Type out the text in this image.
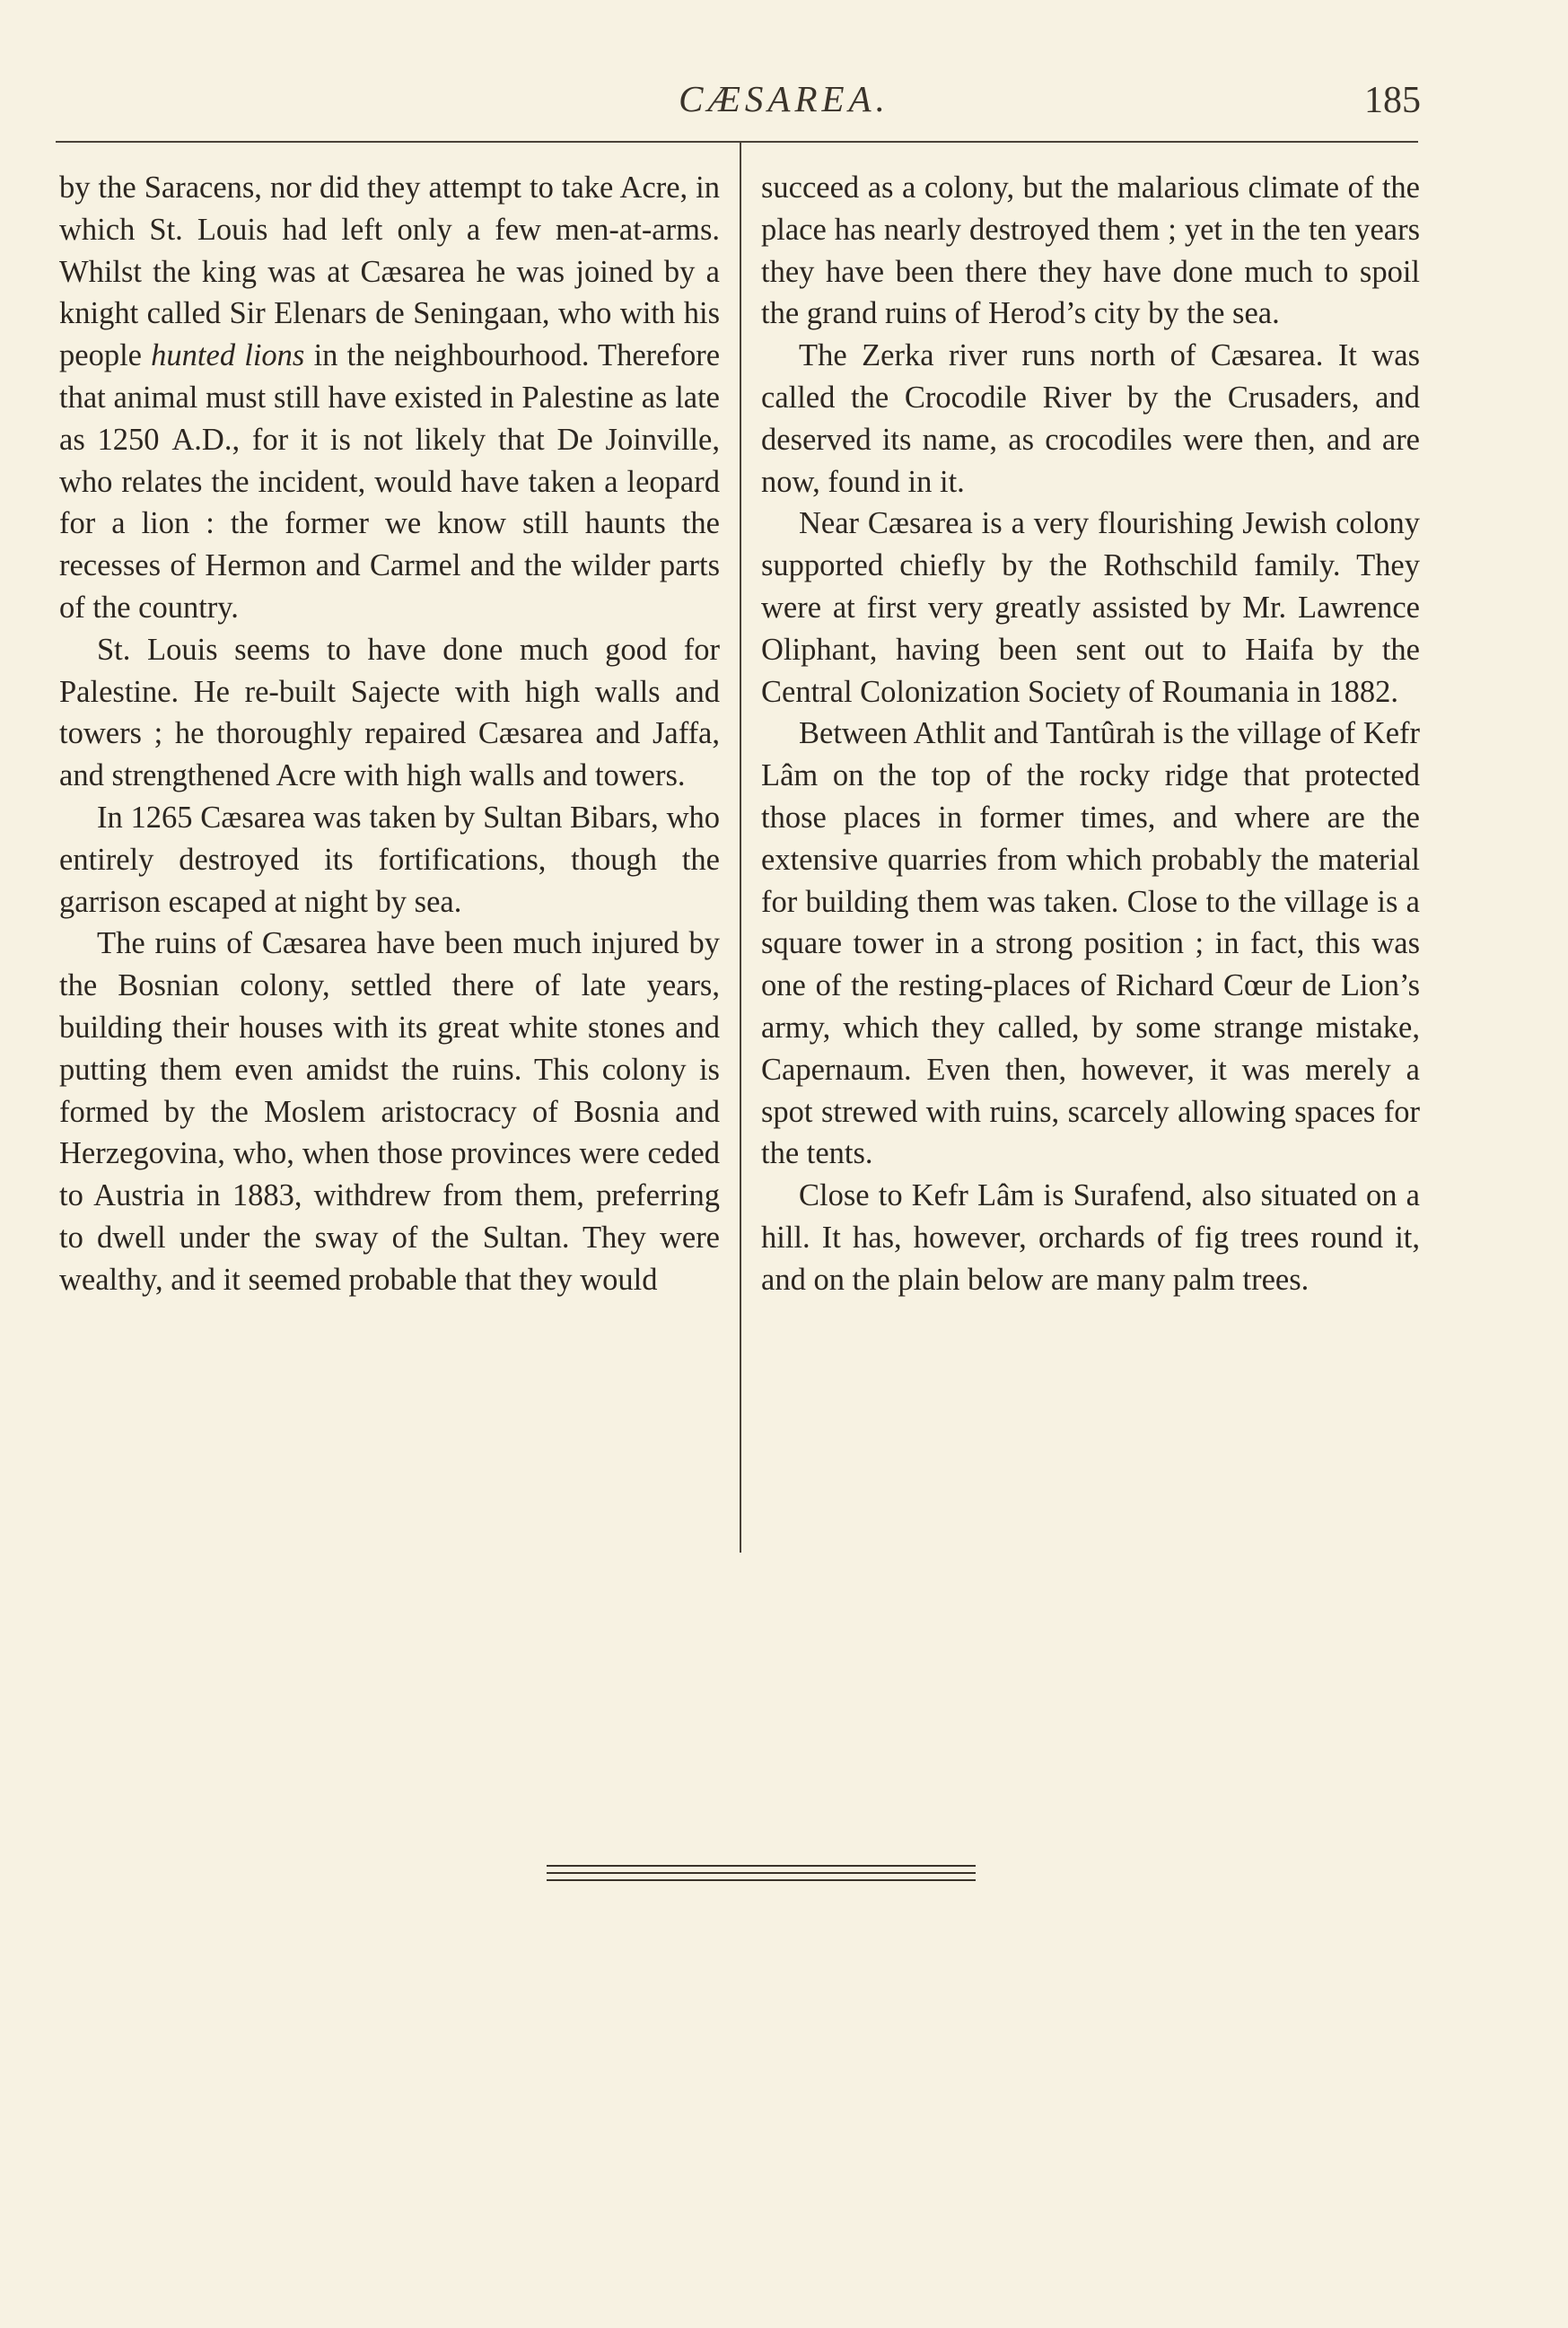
CÆSAREA.	185

by the Saracens, nor did they attempt to take Acre, in which St. Louis had left only a few men-at-arms. Whilst the king was at Cæsarea he was joined by a knight called Sir Elenars de Seningaan, who with his people hunted lions in the neighbourhood. Therefore that animal must still have existed in Palestine as late as 1250 A.D., for it is not likely that De Joinville, who relates the incident, would have taken a leopard for a lion : the former we know still haunts the recesses of Hermon and Carmel and the wilder parts of the country.

St. Louis seems to have done much good for Palestine. He re-built Sajecte with high walls and towers ; he thoroughly repaired Cæsarea and Jaffa, and strengthened Acre with high walls and towers.

In 1265 Cæsarea was taken by Sultan Bibars, who entirely destroyed its fortifications, though the garrison escaped at night by sea.

The ruins of Cæsarea have been much injured by the Bosnian colony, settled there of late years, building their houses with its great white stones and putting them even amidst the ruins. This colony is formed by the Moslem aristocracy of Bosnia and Herzegovina, who, when those provinces were ceded to Austria in 1883, withdrew from them, preferring to dwell under the sway of the Sultan. They were wealthy, and it seemed probable that they would

succeed as a colony, but the malarious climate of the place has nearly destroyed them ; yet in the ten years they have been there they have done much to spoil the grand ruins of Herod’s city by the sea.

The Zerka river runs north of Cæsarea. It was called the Crocodile River by the Crusaders, and deserved its name, as crocodiles were then, and are now, found in it.

Near Cæsarea is a very flourishing Jewish colony supported chiefly by the Rothschild family. They were at first very greatly assisted by Mr. Lawrence Oliphant, having been sent out to Haifa by the Central Colonization Society of Roumania in 1882.

Between Athlit and Tantûrah is the village of Kefr Lâm on the top of the rocky ridge that protected those places in former times, and where are the extensive quarries from which probably the material for building them was taken. Close to the village is a square tower in a strong position ; in fact, this was one of the resting-places of Richard Cœur de Lion’s army, which they called, by some strange mistake, Capernaum. Even then, however, it was merely a spot strewed with ruins, scarcely allowing spaces for the tents.

Close to Kefr Lâm is Surafend, also situated on a hill. It has, however, orchards of fig trees round it, and on the plain below are many palm trees.
